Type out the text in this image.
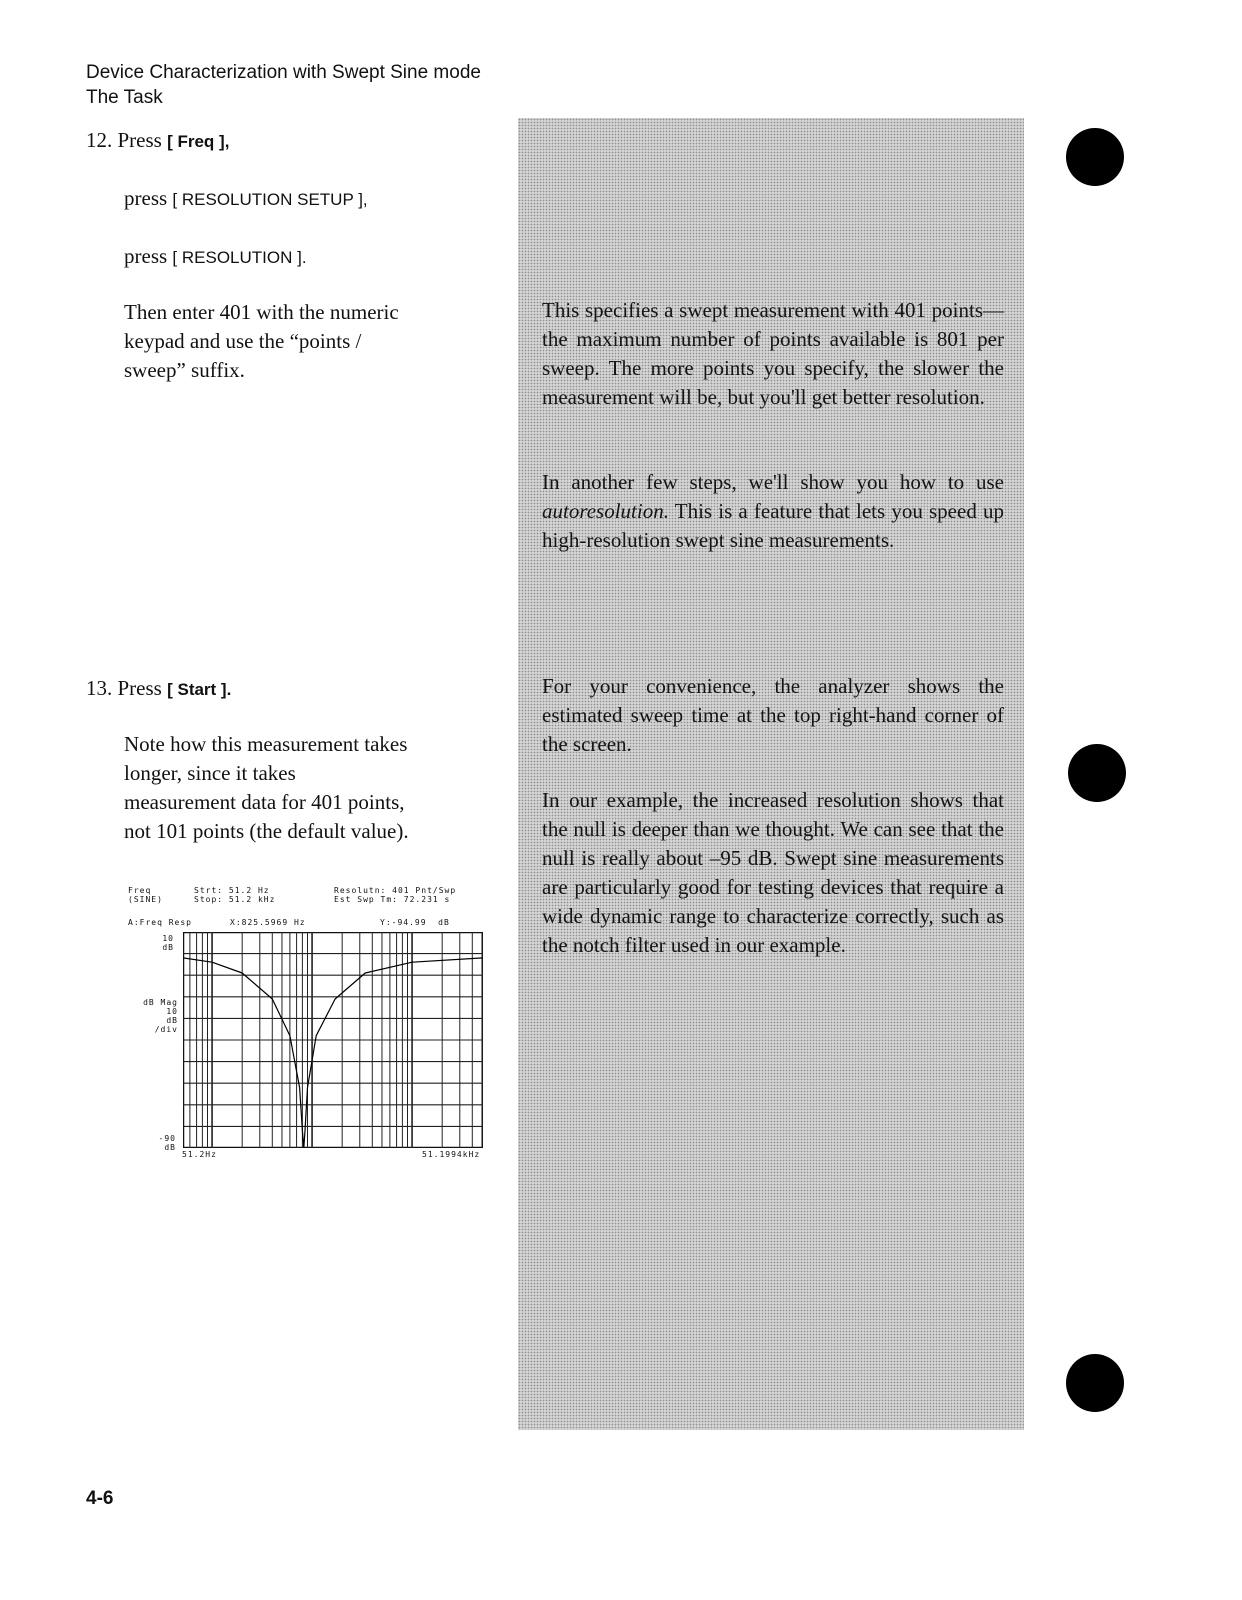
Device Characterization with Swept Sine mode
The Task
12. Press [ Freq ],
press [ RESOLUTION SETUP ],
press [ RESOLUTION ].
Then enter 401 with the numeric
keypad and use the “points /
sweep” suffix.
13. Press [ Start ].
Note how this measurement takes
longer, since it takes
measurement data for 401 points,
not 101 points (the default value).
Freq
(SINE)
Strt: 51.2 Hz
Stop: 51.2 kHz
Resolutn: 401 Pnt/Swp
Est Swp Tm: 72.231 s
A:Freq Resp	X:825.5969 Hz	Y:-94.99  dB
10
dB
dB Mag
10
dB
/div
-90
dB
51.2Hz	51.1994kHz

This specifies a swept measurement with 401 points—the maximum number of points available is 801 per sweep. The more points you specify, the slower the measurement will be, but you'll get better resolution.

In another few steps, we'll show you how to use autoresolution. This is a feature that lets you speed up high-resolution swept sine measurements.

For your convenience, the analyzer shows the estimated sweep time at the top right-hand corner of the screen.

In our example, the increased resolution shows that the null is deeper than we thought. We can see that the null is really about –95 dB. Swept sine measurements are particularly good for testing devices that require a wide dynamic range to characterize correctly, such as the notch filter used in our example.

4-6
